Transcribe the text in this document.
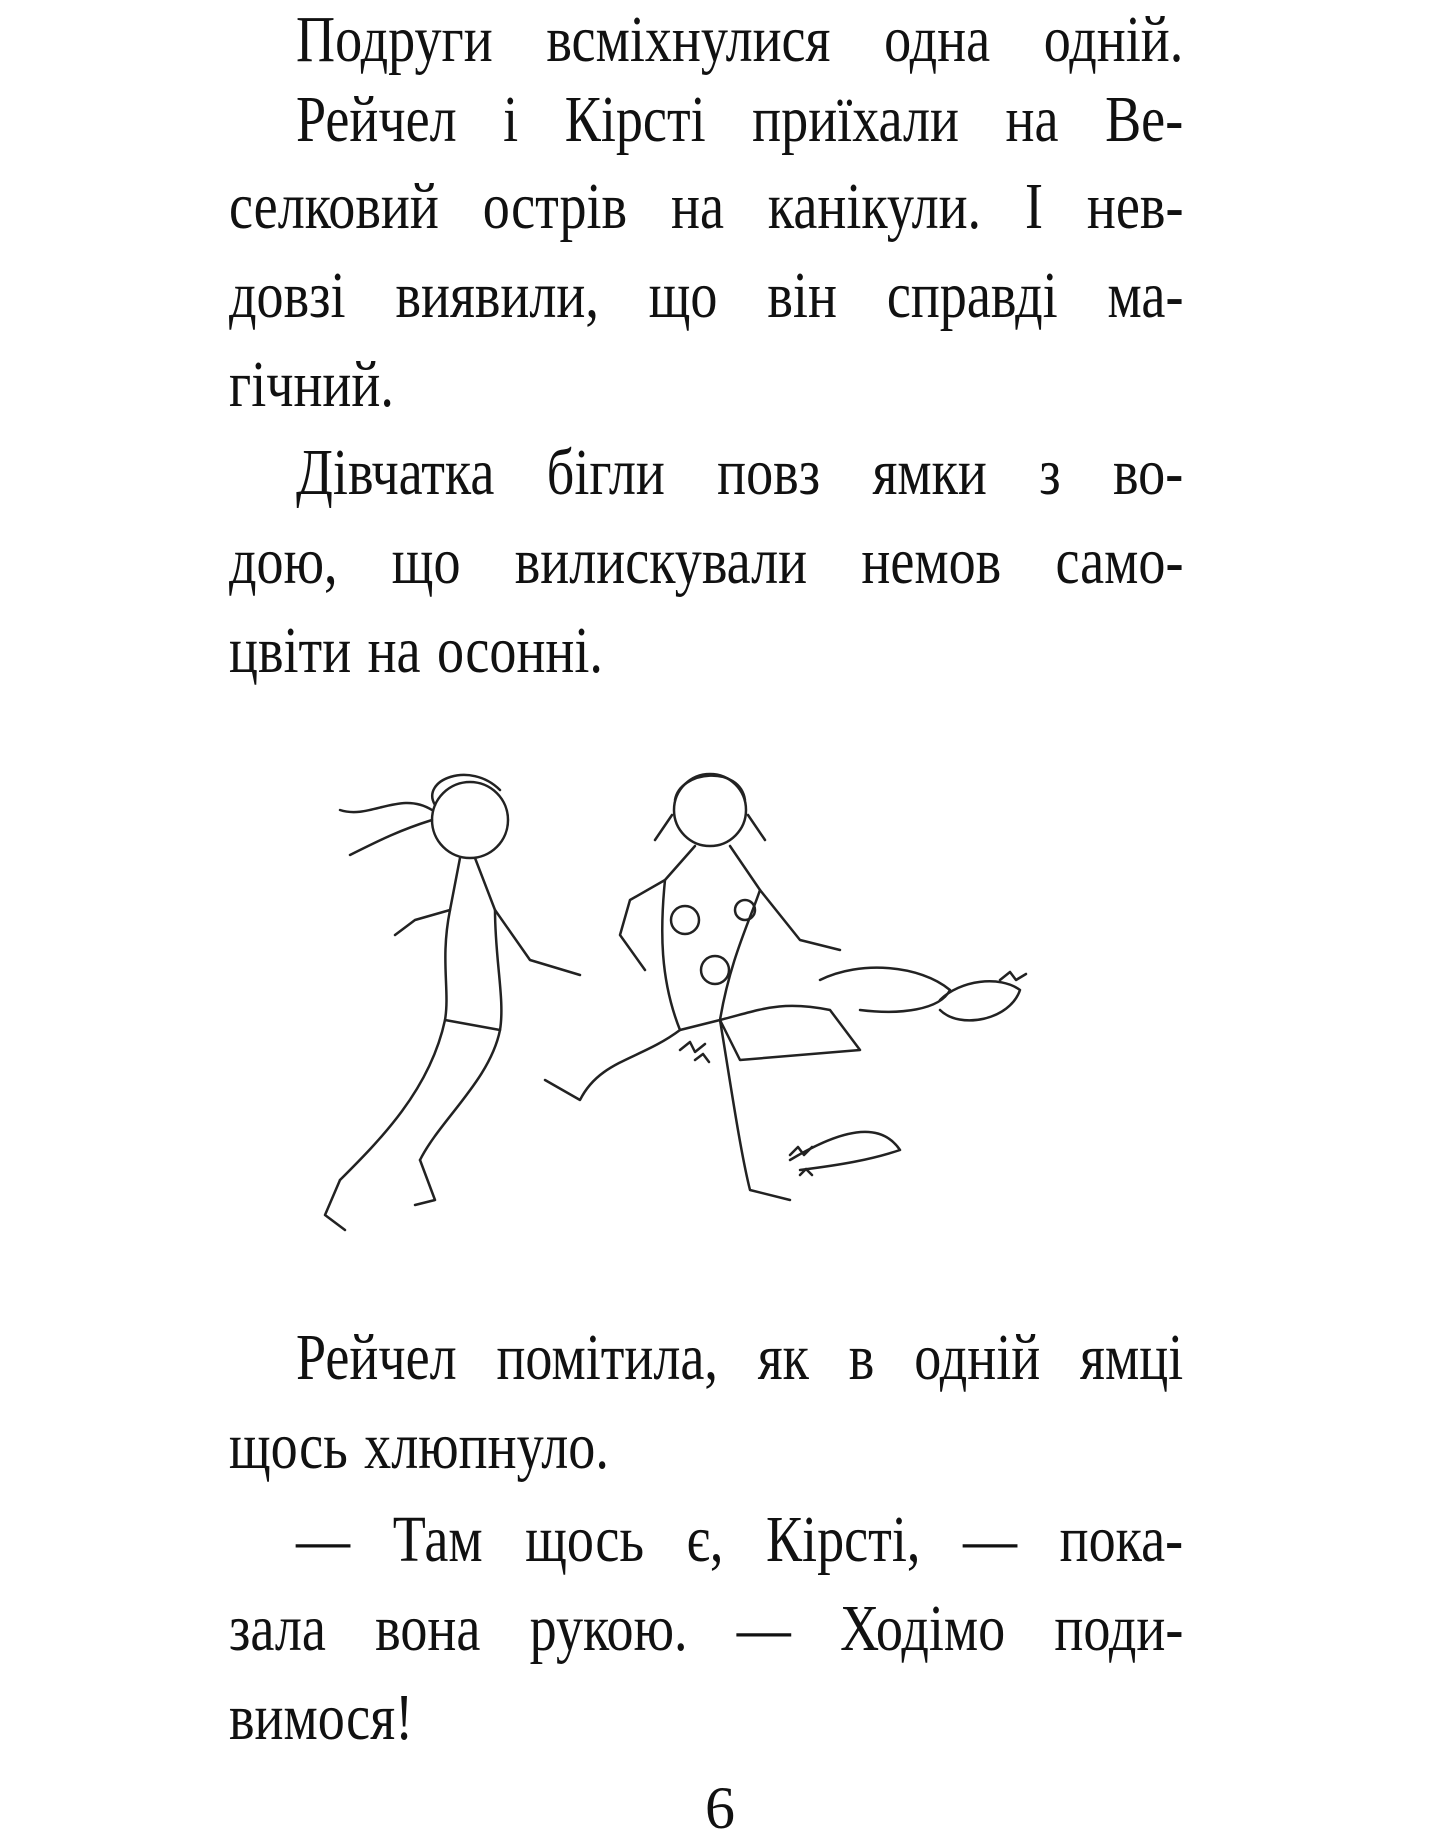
Подруги всміхнулися одна одній.
Рейчел і Кірсті приїхали на Ве-
селковий острів на канікули. І нев-
довзі виявили, що він справді ма-
гічний.
Дівчатка бігли повз ямки з во-
дою, що вилискували немов само-
цвіти на осонні.
Рейчел помітила, як в одній ямці
щось хлюпнуло.
— Там щось є, Кірсті, — пока-
зала вона рукою. — Ходімо поди-
вимося!
6
